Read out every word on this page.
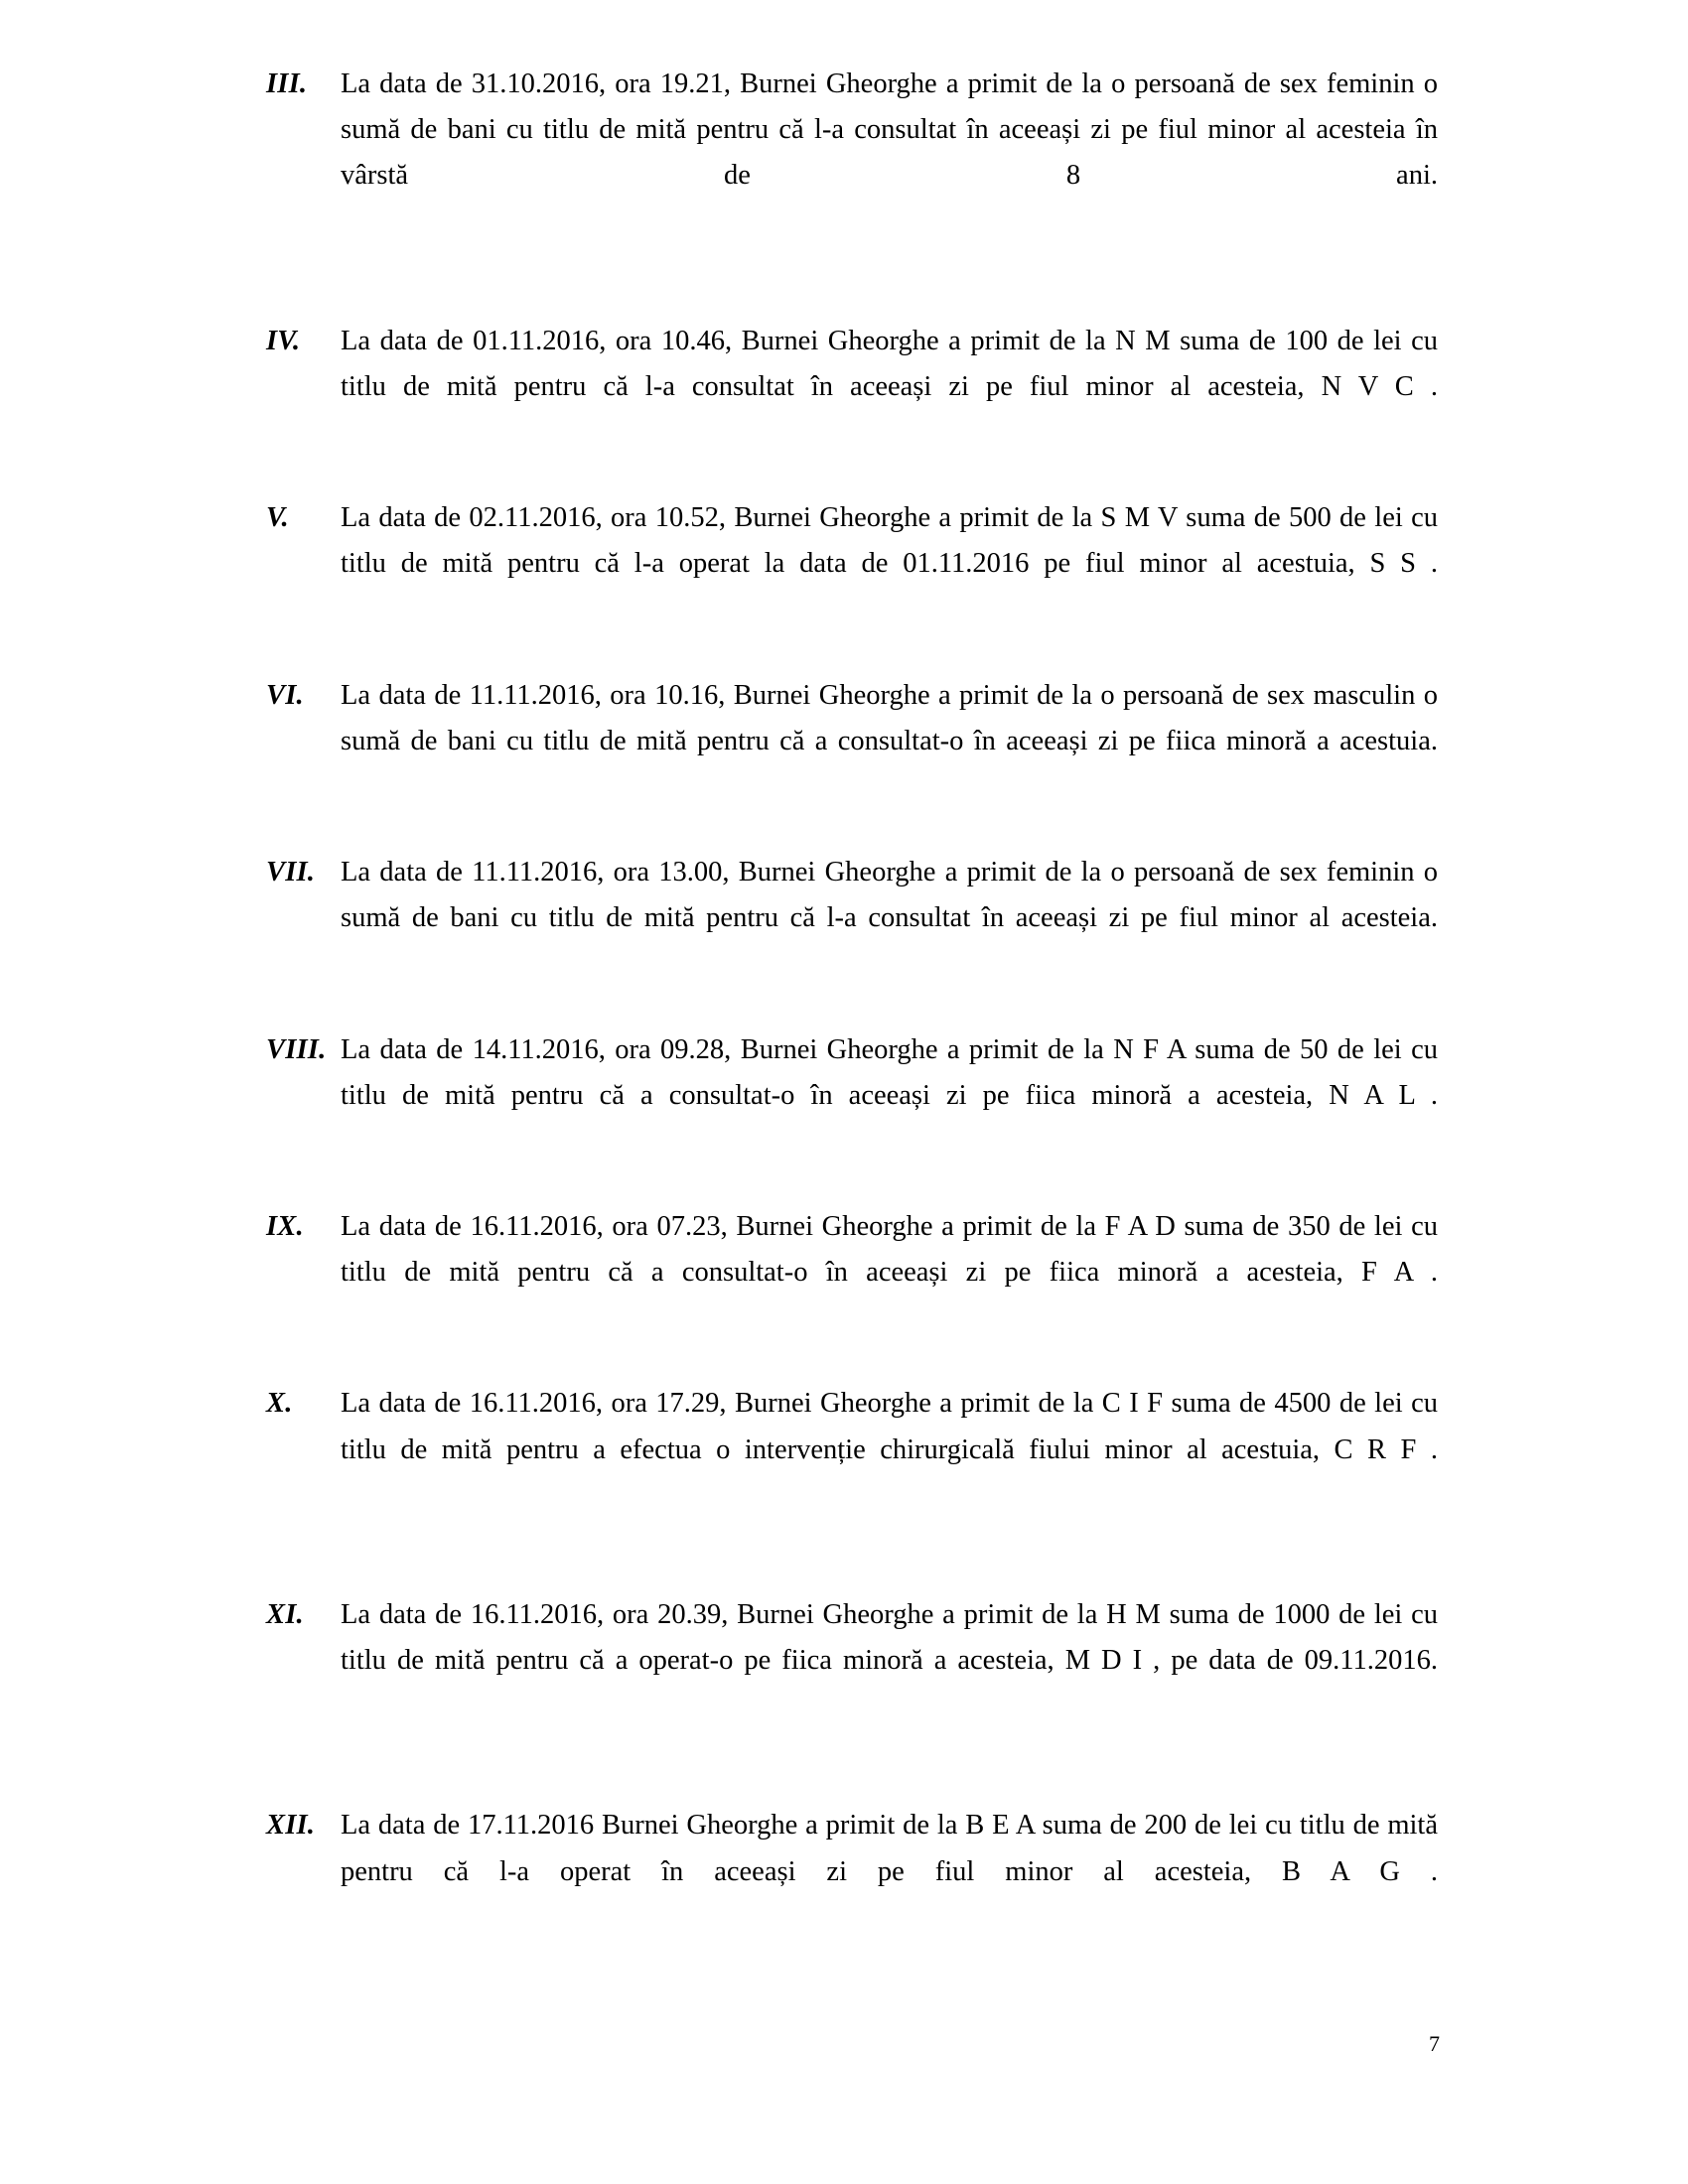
III.	La data de 31.10.2016, ora 19.21, Burnei Gheorghe a primit de la o persoană de sex feminin o sumă de bani cu titlu de mită pentru că l-a consultat în aceeași zi pe fiul minor al acesteia în vârstă de 8 ani.
IV.	La data de 01.11.2016, ora 10.46, Burnei Gheorghe a primit de la N M suma de 100 de lei cu titlu de mită pentru că l-a consultat în aceeași zi pe fiul minor al acesteia, N V C .
V.	La data de 02.11.2016, ora 10.52, Burnei Gheorghe a primit de la S M V suma de 500 de lei cu titlu de mită pentru că l-a operat la data de 01.11.2016 pe fiul minor al acestuia, S S .
VI.	La data de 11.11.2016, ora 10.16, Burnei Gheorghe a primit de la o persoană de sex masculin o sumă de bani cu titlu de mită pentru că a consultat-o în aceeași zi pe fiica minoră a acestuia.
VII. La data de 11.11.2016, ora 13.00, Burnei Gheorghe a primit de la o persoană de sex feminin o sumă de bani cu titlu de mită pentru că l-a consultat în aceeași zi pe fiul minor al acesteia.
VIII. La data de 14.11.2016, ora 09.28, Burnei Gheorghe a primit de la N F A suma de 50 de lei cu titlu de mită pentru că a consultat-o în aceeași zi pe fiica minoră a acesteia, N A L .
IX.	La data de 16.11.2016, ora 07.23, Burnei Gheorghe a primit de la F A D suma de 350 de lei cu titlu de mită pentru că a consultat-o în aceeași zi pe fiica minoră a acesteia, F A .
X.	La data de 16.11.2016, ora 17.29, Burnei Gheorghe a primit de la C I F suma de 4500 de lei cu titlu de mită pentru a efectua o intervenție chirurgicală fiului minor al acestuia, C R F .
XI.	La data de 16.11.2016, ora 20.39, Burnei Gheorghe a primit de la H M suma de 1000 de lei cu titlu de mită pentru că a operat-o pe fiica minoră a acesteia, M D I , pe data de 09.11.2016.
XII. La data de 17.11.2016 Burnei Gheorghe a primit de la B E A suma de 200 de lei cu titlu de mită pentru că l-a operat în aceeași zi pe fiul minor al acesteia, B A G .
7
